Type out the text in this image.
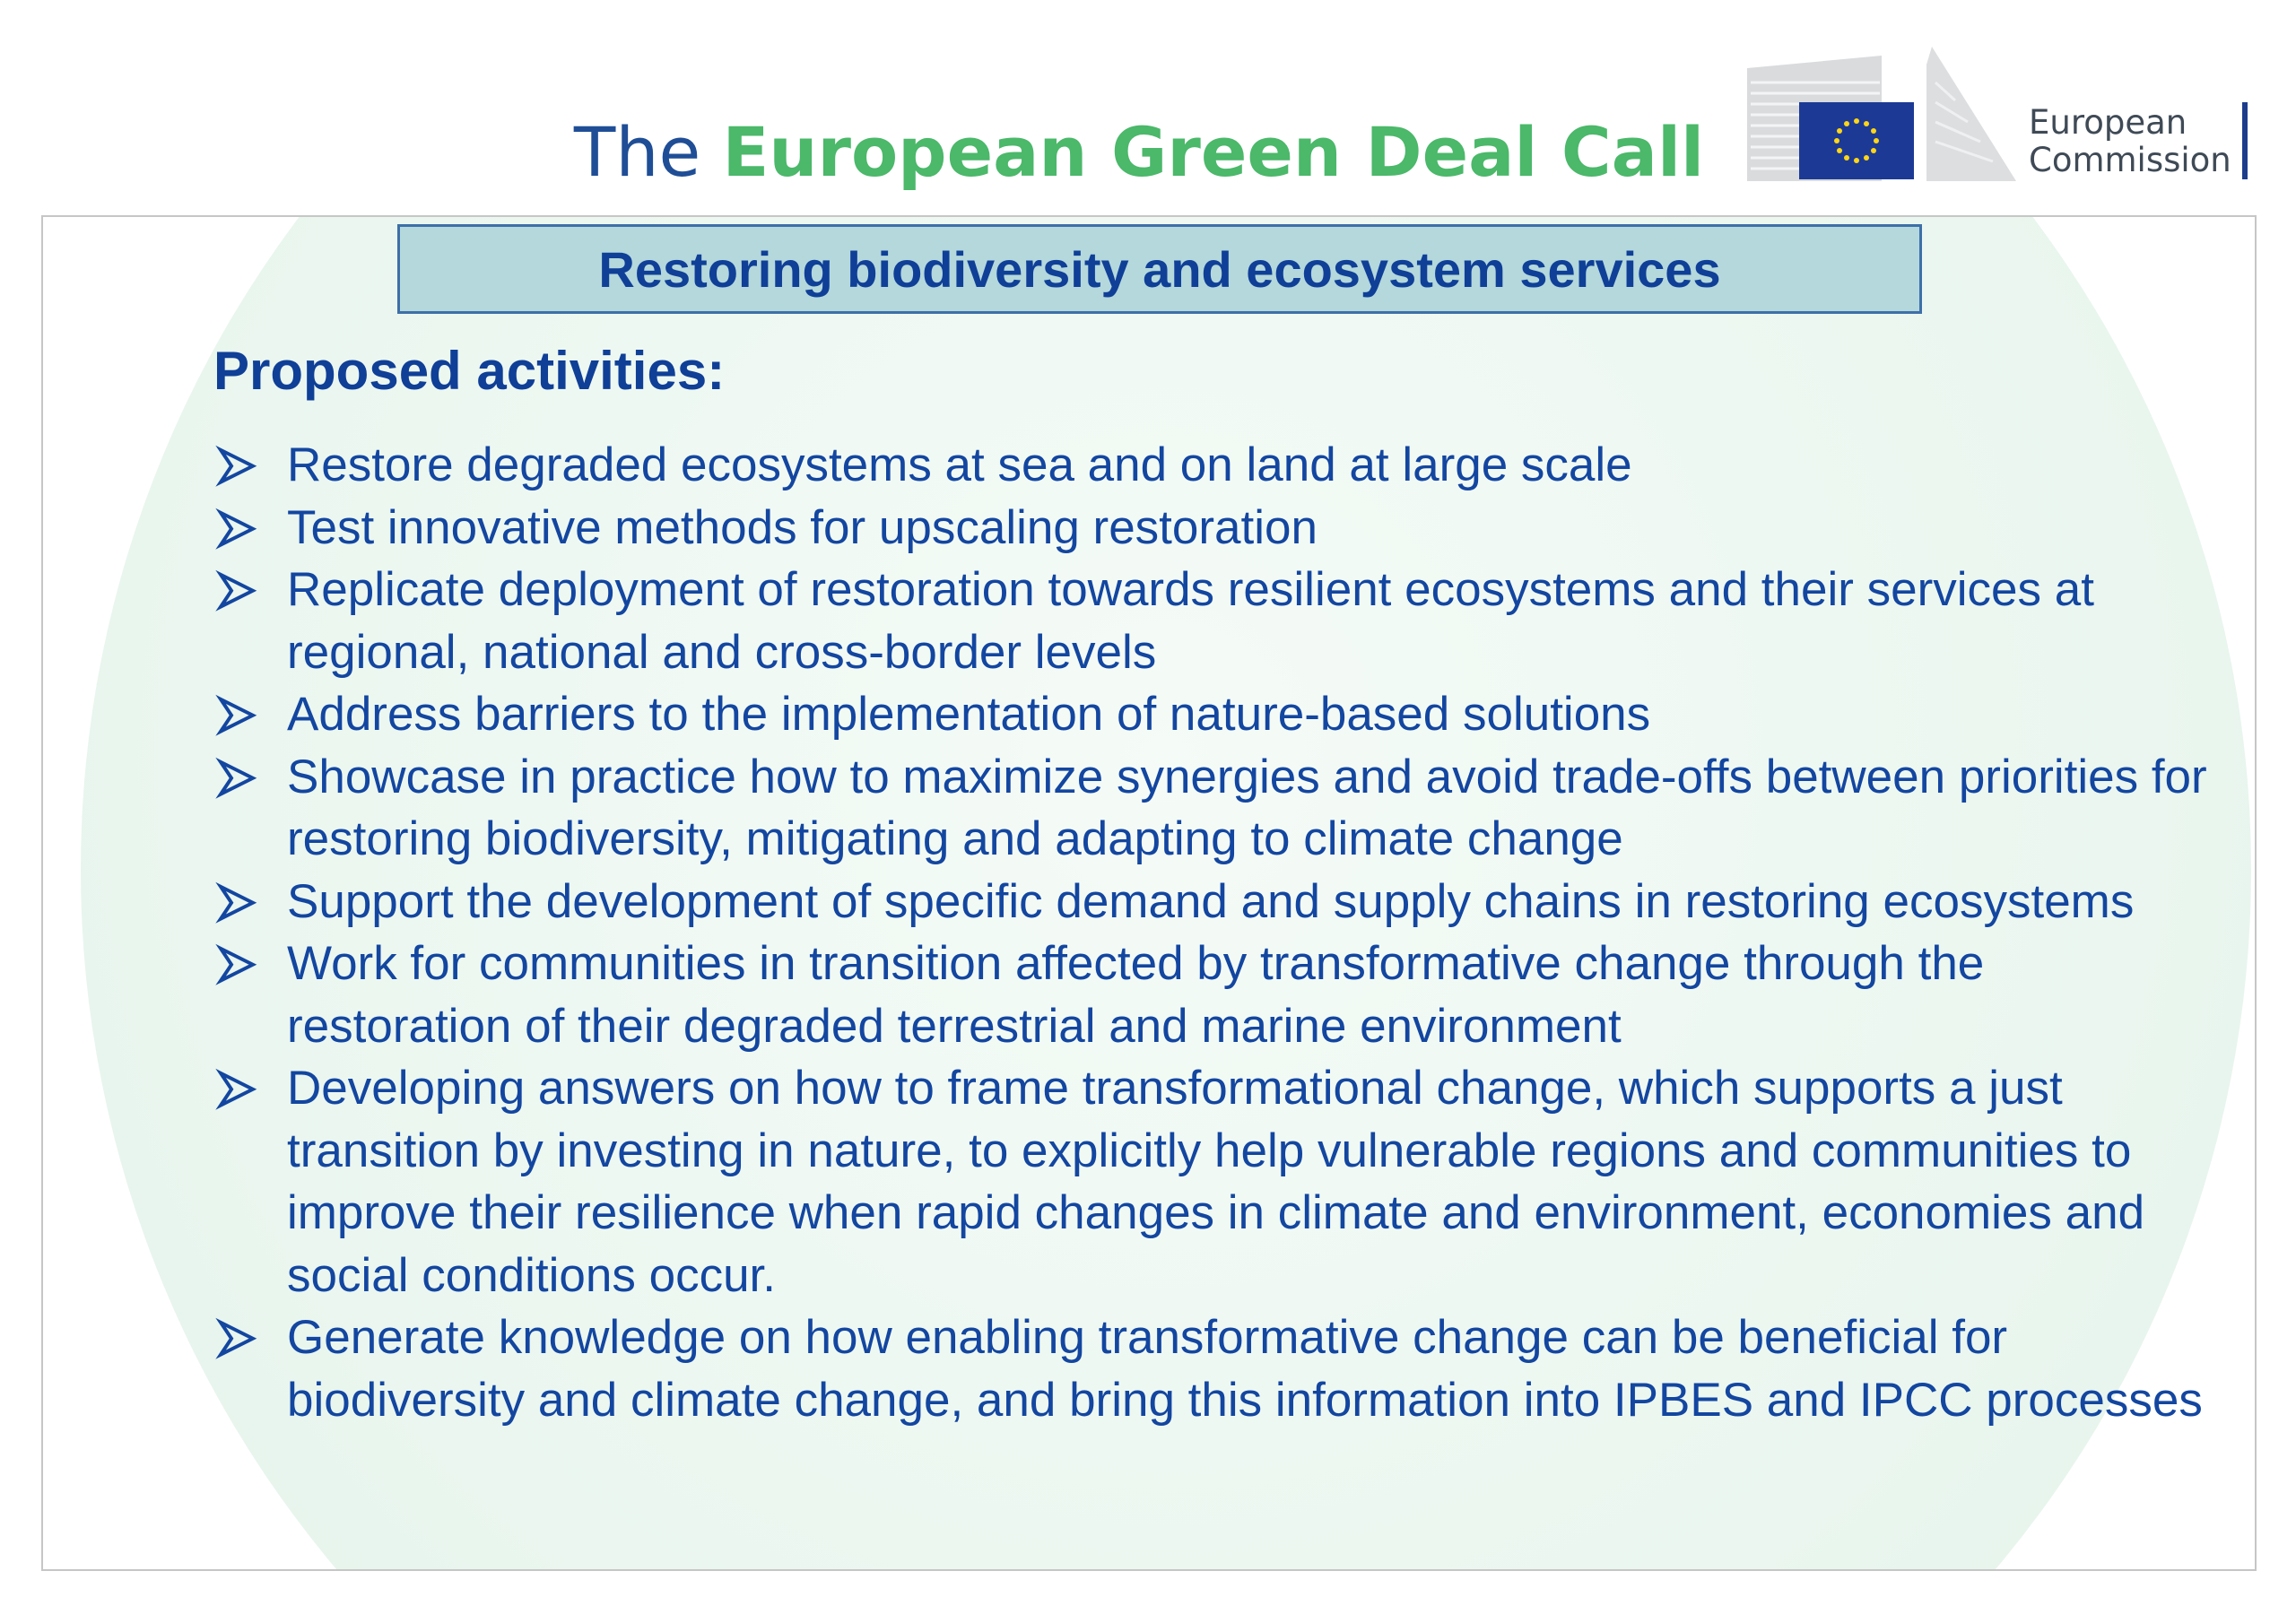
The European Green Deal Call	European
Commission
Restoring biodiversity and ecosystem services
Proposed activities:
Restore degraded ecosystems at sea and on land at large scale
Test innovative methods for upscaling restoration
Replicate deployment of restoration towards resilient ecosystems and their services at regional, national and cross-border levels
Address barriers to the implementation of nature-based solutions
Showcase in practice how to maximize synergies and avoid trade-offs between priorities for restoring biodiversity, mitigating and adapting to climate change
Support the development of specific demand and supply chains in restoring ecosystems
Work for communities in transition affected by transformative change through the restoration of their degraded terrestrial and marine environment
Developing answers on how to frame transformational change, which supports a just transition by investing in nature, to explicitly help vulnerable regions and communities to improve their resilience when rapid changes in climate and environment, economies and social conditions occur.
Generate knowledge on how enabling transformative change can be beneficial for biodiversity and climate change, and bring this information into IPBES and IPCC processes
